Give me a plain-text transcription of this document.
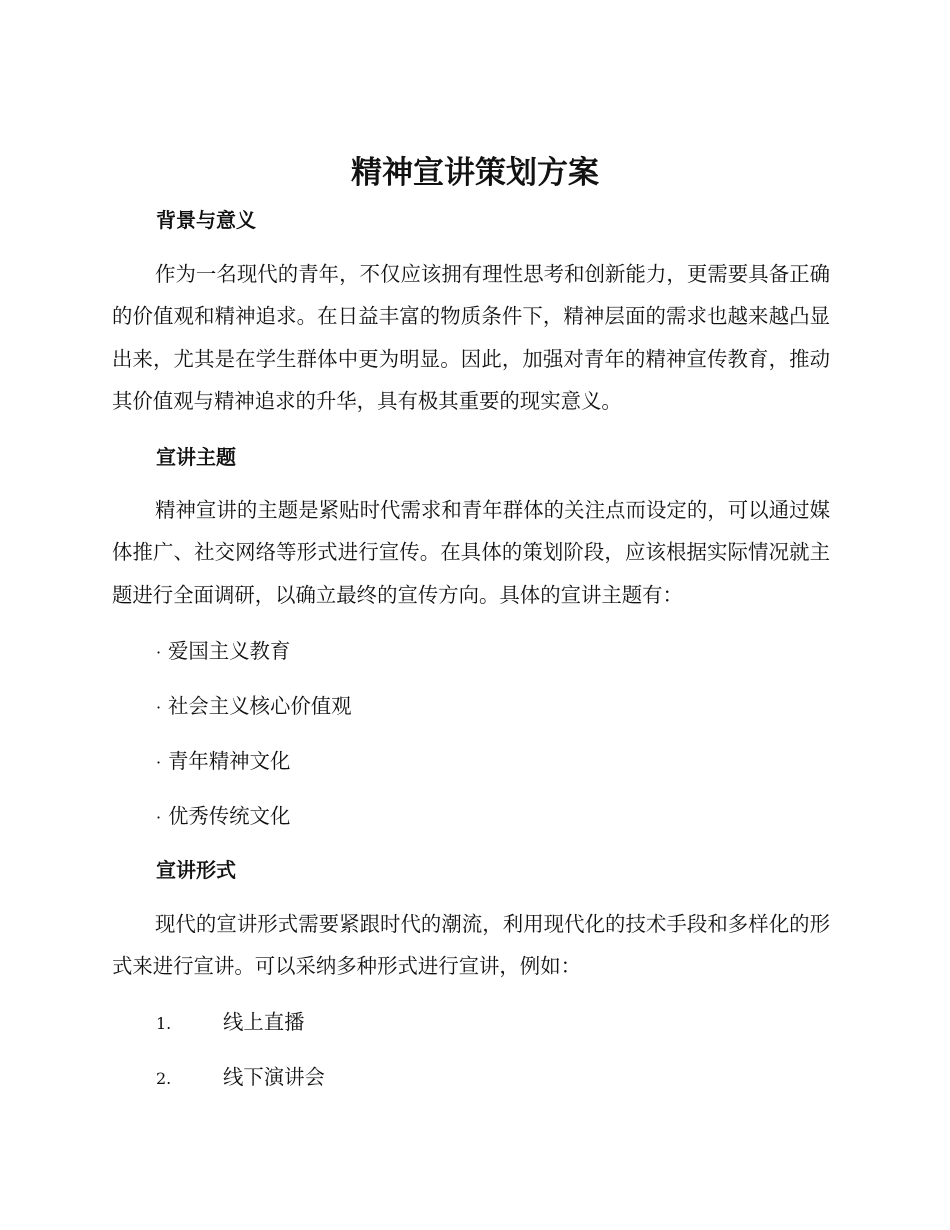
精神宣讲策划方案
背景与意义

作为一名现代的青年，不仅应该拥有理性思考和创新能力，更需要具备正确的价值观和精神追求。在日益丰富的物质条件下，精神层面的需求也越来越凸显出来，尤其是在学生群体中更为明显。因此，加强对青年的精神宣传教育，推动其价值观与精神追求的升华，具有极其重要的现实意义。

宣讲主题

精神宣讲的主题是紧贴时代需求和青年群体的关注点而设定的，可以通过媒体推广、社交网络等形式进行宣传。在具体的策划阶段，应该根据实际情况就主题进行全面调研，以确立最终的宣传方向。具体的宣讲主题有：

· 爱国主义教育

· 社会主义核心价值观

· 青年精神文化

· 优秀传统文化

宣讲形式

现代的宣讲形式需要紧跟时代的潮流，利用现代化的技术手段和多样化的形式来进行宣讲。可以采纳多种形式进行宣讲，例如：

1.	线上直播

2.	线下演讲会
